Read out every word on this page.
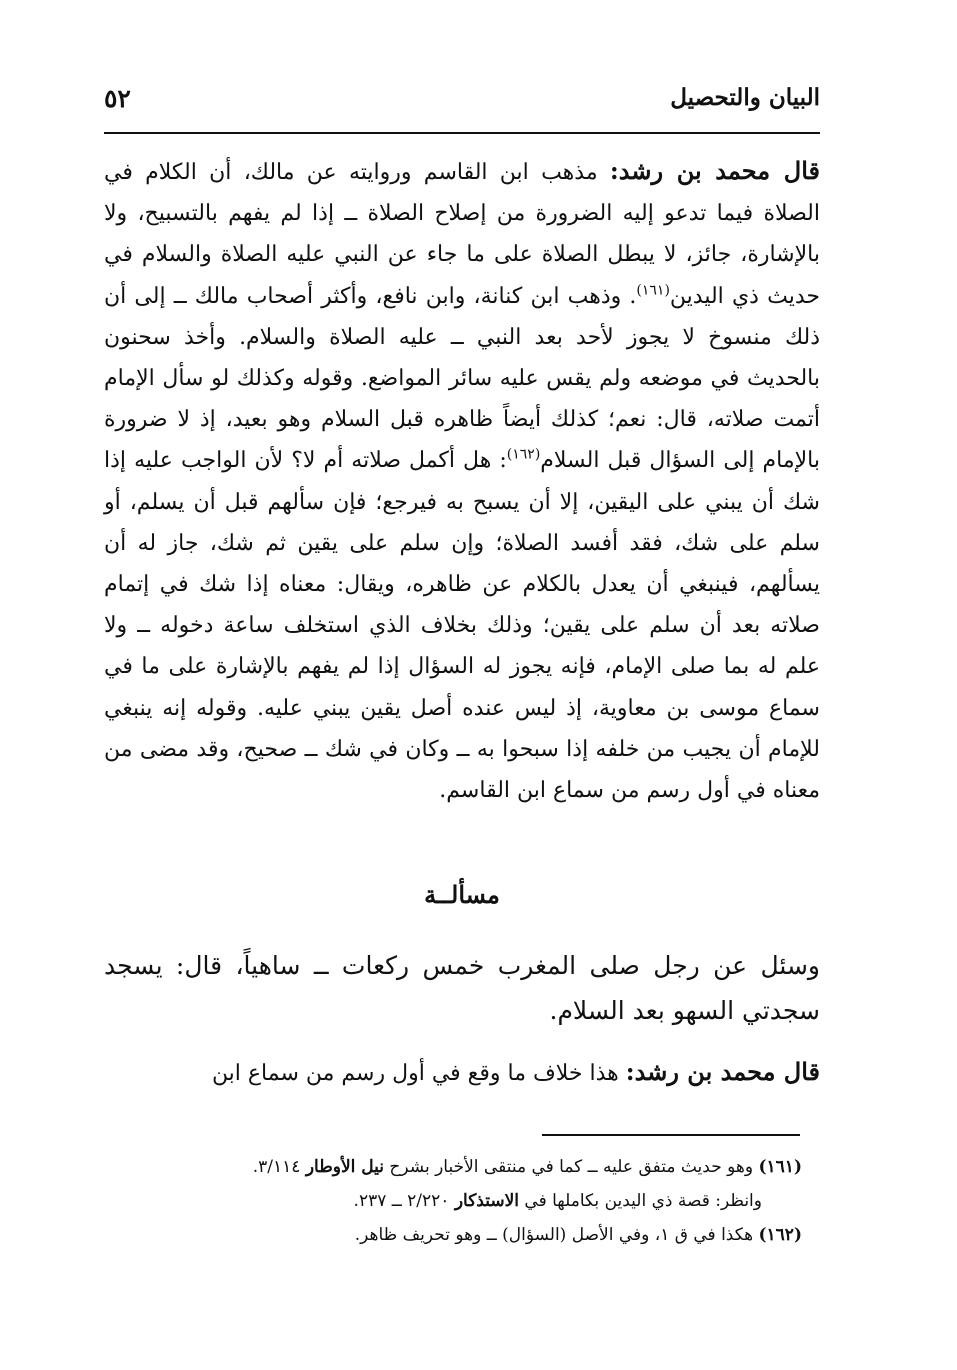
البيان والتحصيل
٥٢

قال محمد بن رشد: مذهب ابن القاسم وروايته عن مالك، أن الكلام في الصلاة فيما تدعو إليه الضرورة من إصلاح الصلاة ــ إذا لم يفهم بالتسبيح، ولا بالإشارة، جائز، لا يبطل الصلاة على ما جاء عن النبي عليه الصلاة والسلام في حديث ذي اليدين$^{(١٦١)}$. وذهب ابن كنانة، وابن نافع، وأكثر أصحاب مالك ــ إلى أن ذلك منسوخ لا يجوز لأحد بعد النبي ــ عليه الصلاة والسلام. وأخذ سحنون بالحديث في موضعه ولم يقس عليه سائر المواضع. وقوله وكذلك لو سأل الإمام أتمت صلاته، قال: نعم؛ كذلك أيضاً ظاهره قبل السلام وهو بعيد، إذ لا ضرورة بالإمام إلى السؤال قبل السلام$^{(١٦٢)}$: هل أكمل صلاته أم لا؟ لأن الواجب عليه إذا شك أن يبني على اليقين، إلا أن يسبح به فيرجع؛ فإن سألهم قبل أن يسلم، أو سلم على شك، فقد أفسد الصلاة؛ وإن سلم على يقين ثم شك، جاز له أن يسألهم، فينبغي أن يعدل بالكلام عن ظاهره، ويقال: معناه إذا شك في إتمام صلاته بعد أن سلم على يقين؛ وذلك بخلاف الذي استخلف ساعة دخوله ــ ولا علم له بما صلى الإمام، فإنه يجوز له السؤال إذا لم يفهم بالإشارة على ما في سماع موسى بن معاوية، إذ ليس عنده أصل يقين يبني عليه. وقوله إنه ينبغي للإمام أن يجيب من خلفه إذا سبحوا به ــ وكان في شك ــ صحيح، وقد مضى من معناه في أول رسم من سماع ابن القاسم.

مسألــة

وسئل عن رجل صلى المغرب خمس ركعات ــ ساهياً، قال: يسجد سجدتي السهو بعد السلام.

قال محمد بن رشد: هذا خلاف ما وقع في أول رسم من سماع ابن

(١٦١) وهو حديث متفق عليه ــ كما في منتقى الأخبار بشرح نيل الأوطار ٣/١١٤.

وانظر: قصة ذي اليدين بكاملها في الاستذكار ٢/٢٢٠ ــ ٢٣٧.

(١٦٢) هكذا في ق ١، وفي الأصل (السؤال) ــ وهو تحريف ظاهر.
